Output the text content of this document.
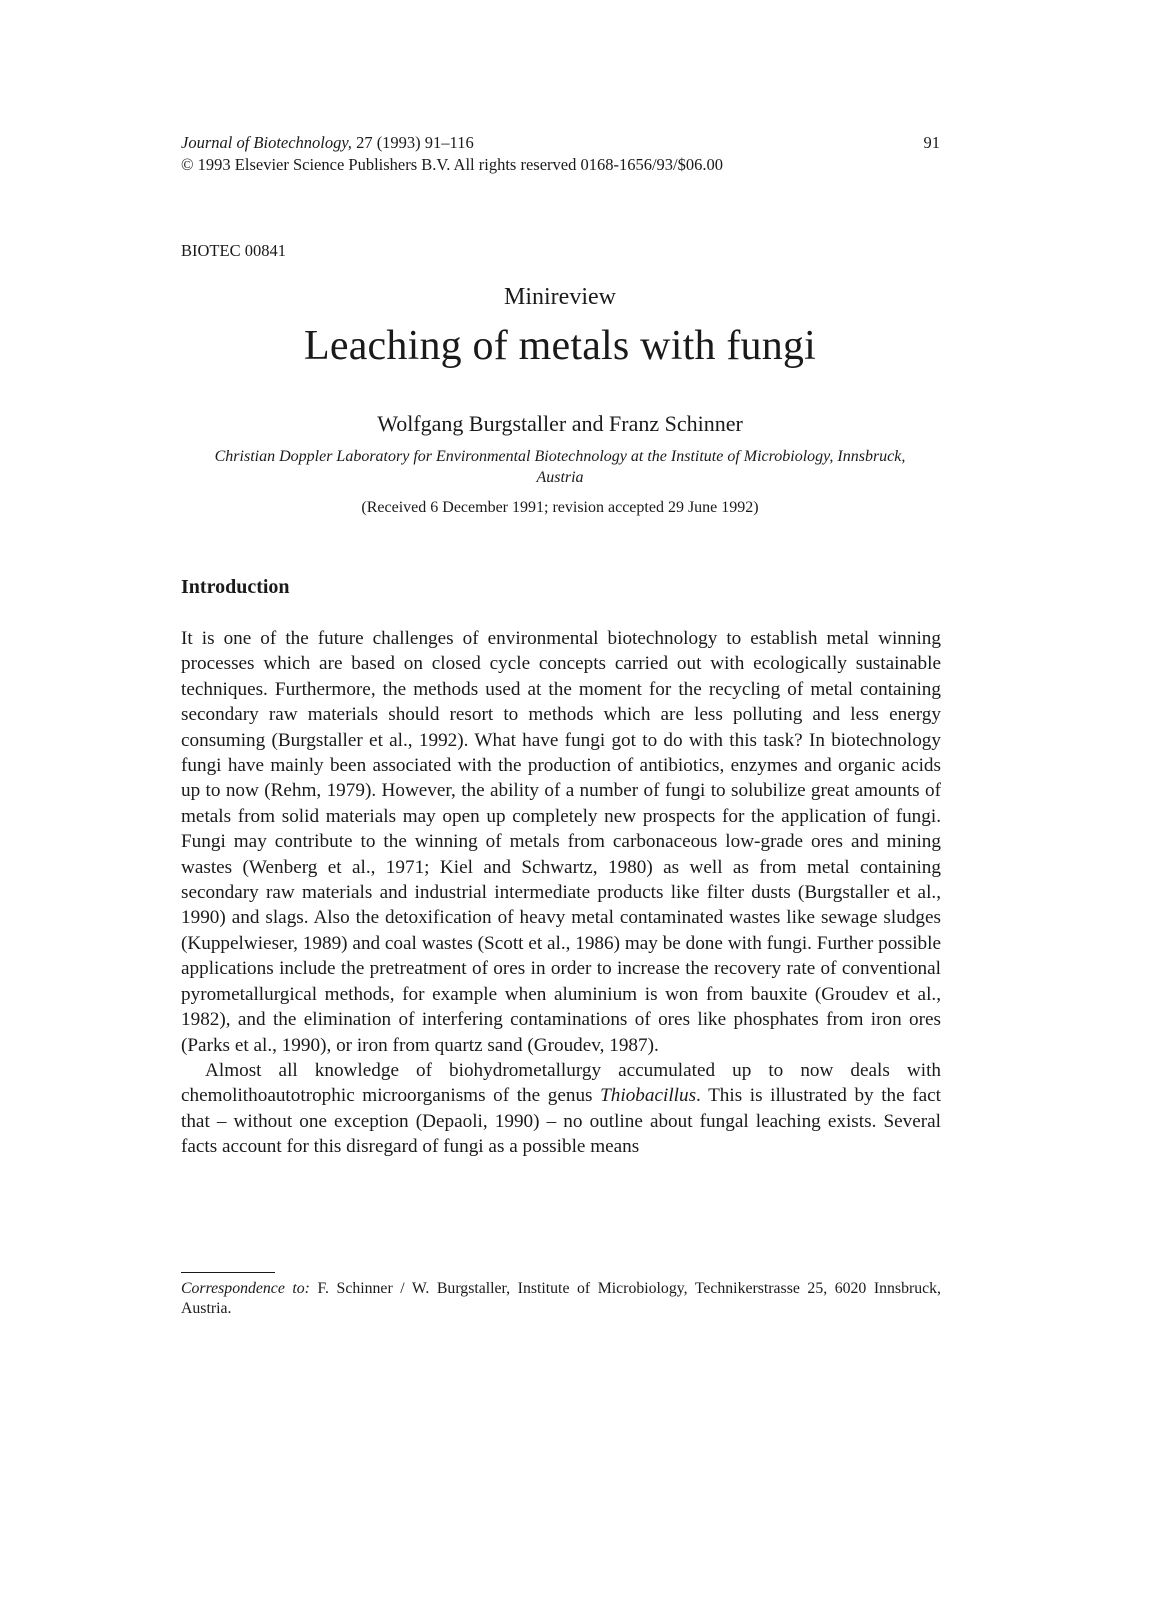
Journal of Biotechnology, 27 (1993) 91–116
© 1993 Elsevier Science Publishers B.V. All rights reserved 0168-1656/93/$06.00
91
BIOTEC 00841
Minireview
Leaching of metals with fungi
Wolfgang Burgstaller and Franz Schinner
Christian Doppler Laboratory for Environmental Biotechnology at the Institute of Microbiology, Innsbruck, Austria
(Received 6 December 1991; revision accepted 29 June 1992)
Introduction

It is one of the future challenges of environmental biotechnology to establish metal winning processes which are based on closed cycle concepts carried out with ecologically sustainable techniques. Furthermore, the methods used at the moment for the recycling of metal containing secondary raw materials should resort to methods which are less polluting and less energy consuming (Burgstaller et al., 1992). What have fungi got to do with this task? In biotechnology fungi have mainly been associated with the production of antibiotics, enzymes and organic acids up to now (Rehm, 1979). However, the ability of a number of fungi to solubilize great amounts of metals from solid materials may open up completely new prospects for the application of fungi. Fungi may contribute to the winning of metals from carbonaceous low-grade ores and mining wastes (Wenberg et al., 1971; Kiel and Schwartz, 1980) as well as from metal containing secondary raw materials and industrial intermediate products like filter dusts (Burgstaller et al., 1990) and slags. Also the detoxification of heavy metal contaminated wastes like sewage sludges (Kuppelwieser, 1989) and coal wastes (Scott et al., 1986) may be done with fungi. Further possible applications include the pretreatment of ores in order to increase the recovery rate of conventional pyrometallurgical methods, for example when aluminium is won from bauxite (Groudev et al., 1982), and the elimination of interfering contaminations of ores like phosphates from iron ores (Parks et al., 1990), or iron from quartz sand (Groudev, 1987).

Almost all knowledge of biohydrometallurgy accumulated up to now deals with chemolithoautotrophic microorganisms of the genus Thiobacillus. This is illustrated by the fact that – without one exception (Depaoli, 1990) – no outline about fungal leaching exists. Several facts account for this disregard of fungi as a possible means

Correspondence to: F. Schinner / W. Burgstaller, Institute of Microbiology, Technikerstrasse 25, 6020 Innsbruck, Austria.
